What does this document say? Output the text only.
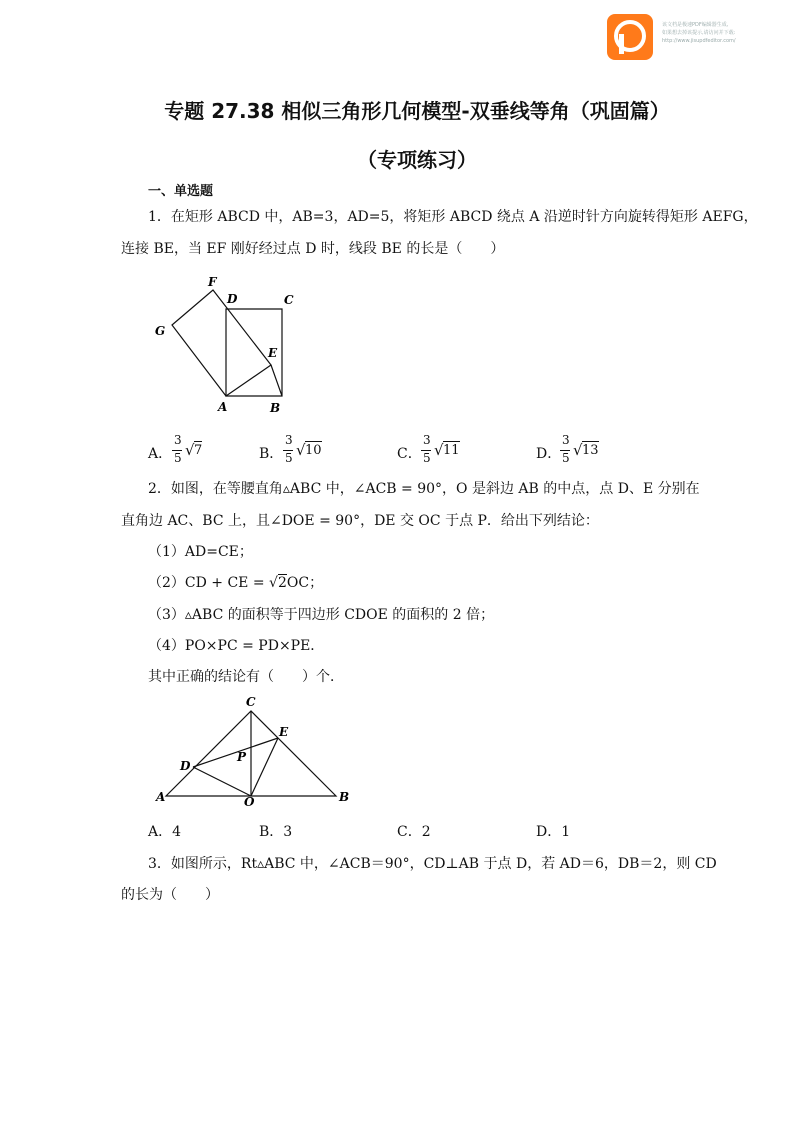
该文档是极速PDF编辑器生成,
如果想去掉该提示,请访问并下载:
http://www.jisupdfeditor.com/
专题 27.38 相似三角形几何模型-双垂线等角（巩固篇）
（专项练习）
一、单选题
1．在矩形 ABCD 中，AB=3，AD=5，将矩形 ABCD 绕点 A 沿逆时针方向旋转得矩形 AEFG，
连接 BE，当 EF 刚好经过点 D 时，线段 BE 的长是（　　）
F
D	C
G
E
A	B
A．
3
5 √ 7	B．
3
5 √ 10	C．
3
5 √ 11	D．
3
5 √ 13
2．如图，在等腰直角▵ABC 中，∠ACB = 90°，O 是斜边 AB 的中点，点 D、E 分别在
直角边 AC、BC 上，且∠DOE = 90°，DE 交 OC 于点 P．给出下列结论：
（1）AD=CE；
（2）CD + CE = √2OC；
（3）▵ABC 的面积等于四边形 CDOE 的面积的 2 倍；
（4）PO×PC = PD×PE．
其中正确的结论有（　　）个．
C
E
D
P
A	O	B
A．4	B．3	C．2	D．1
3．如图所示，Rt▵ABC 中，∠ACB＝90°，CD⊥AB 于点 D，若 AD＝6，DB＝2，则 CD
的长为（　　）
